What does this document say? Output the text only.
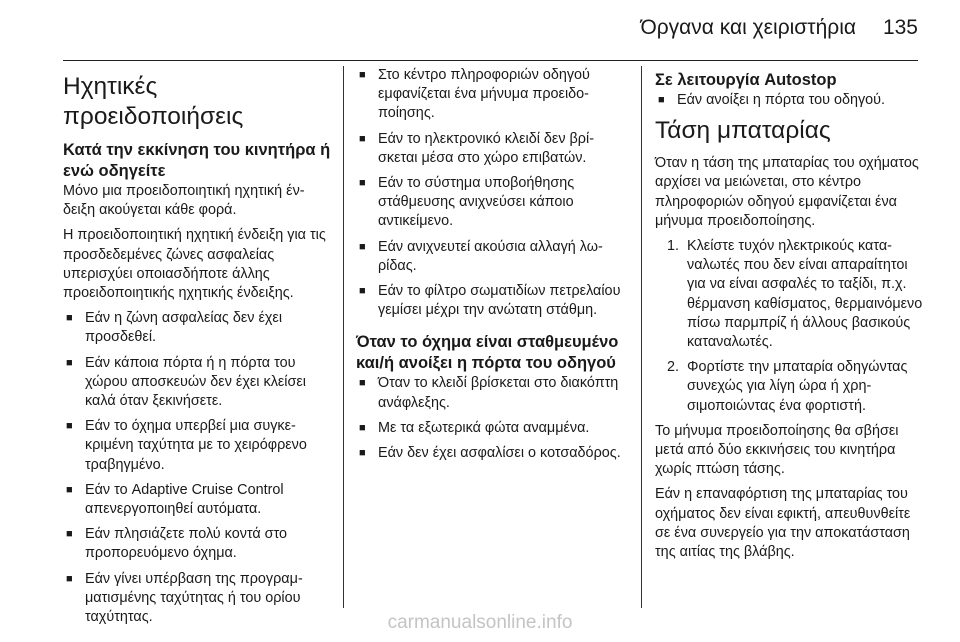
Όργανα και χειριστήρια 135
Ηχητικές προειδοποιήσεις
Κατά την εκκίνηση του κινητήρα ή ενώ οδηγείτε

Μόνο μια προειδοποιητική ηχητική ένδειξη ακούγεται κάθε φορά.

Η προειδοποιητική ηχητική ένδειξη για τις προσδεδεμένες ζώνες ασφαλείας υπερισχύει οποιασδήποτε άλλης προειδοποιητικής ηχητικής ένδειξης.

■ Εάν η ζώνη ασφαλείας δεν έχει προσδεθεί.
■ Εάν κάποια πόρτα ή η πόρτα του χώρου αποσκευών δεν έχει κλείσει καλά όταν ξεκινήσετε.
■ Εάν το όχημα υπερβεί μια συγκεκριμένη ταχύτητα με το χειρόφρενο τραβηγμένο.
■ Εάν το Adaptive Cruise Control απενεργοποιηθεί αυτόματα.
■ Εάν πλησιάζετε πολύ κοντά στο προπορευόμενο όχημα.
■ Εάν γίνει υπέρβαση της προγραμματισμένης ταχύτητας ή του ορίου ταχύτητας.
■ Στο κέντρο πληροφοριών οδηγού εμφανίζεται ένα μήνυμα προειδοποίησης.
■ Εάν το ηλεκτρονικό κλειδί δεν βρίσκεται μέσα στο χώρο επιβατών.
■ Εάν το σύστημα υποβοήθησης στάθμευσης ανιχνεύσει κάποιο αντικείμενο.
■ Εάν ανιχνευτεί ακούσια αλλαγή λωρίδας.
■ Εάν το φίλτρο σωματιδίων πετρελαίου γεμίσει μέχρι την ανώτατη στάθμη.
Όταν το όχημα είναι σταθμευμένο και/ή ανοίξει η πόρτα του οδηγού
■ Όταν το κλειδί βρίσκεται στο διακόπτη ανάφλεξης.
■ Με τα εξωτερικά φώτα αναμμένα.
■ Εάν δεν έχει ασφαλίσει ο κοτσαδόρος.
Σε λειτουργία Autostop
■ Εάν ανοίξει η πόρτα του οδηγού.
Τάση μπαταρίας

Όταν η τάση της μπαταρίας του οχήματος αρχίσει να μειώνεται, στο κέντρο πληροφοριών οδηγού εμφανίζεται ένα μήνυμα προειδοποίησης.

1. Κλείστε τυχόν ηλεκτρικούς καταναλωτές που δεν είναι απαραίτητοι για να είναι ασφαλές το ταξίδι, π.χ. θέρμανση καθίσματος, θερμαινόμενο πίσω παρμπρίζ ή άλλους βασικούς καταναλωτές.
2. Φορτίστε την μπαταρία οδηγώντας συνεχώς για λίγη ώρα ή χρησιμοποιώντας ένα φορτιστή.

Το μήνυμα προειδοποίησης θα σβήσει μετά από δύο εκκινήσεις του κινητήρα χωρίς πτώση τάσης.

Εάν η επαναφόρτιση της μπαταρίας του οχήματος δεν είναι εφικτή, απευθυνθείτε σε ένα συνεργείο για την αποκατάσταση της αιτίας της βλάβης.

carmanualsonline.info
